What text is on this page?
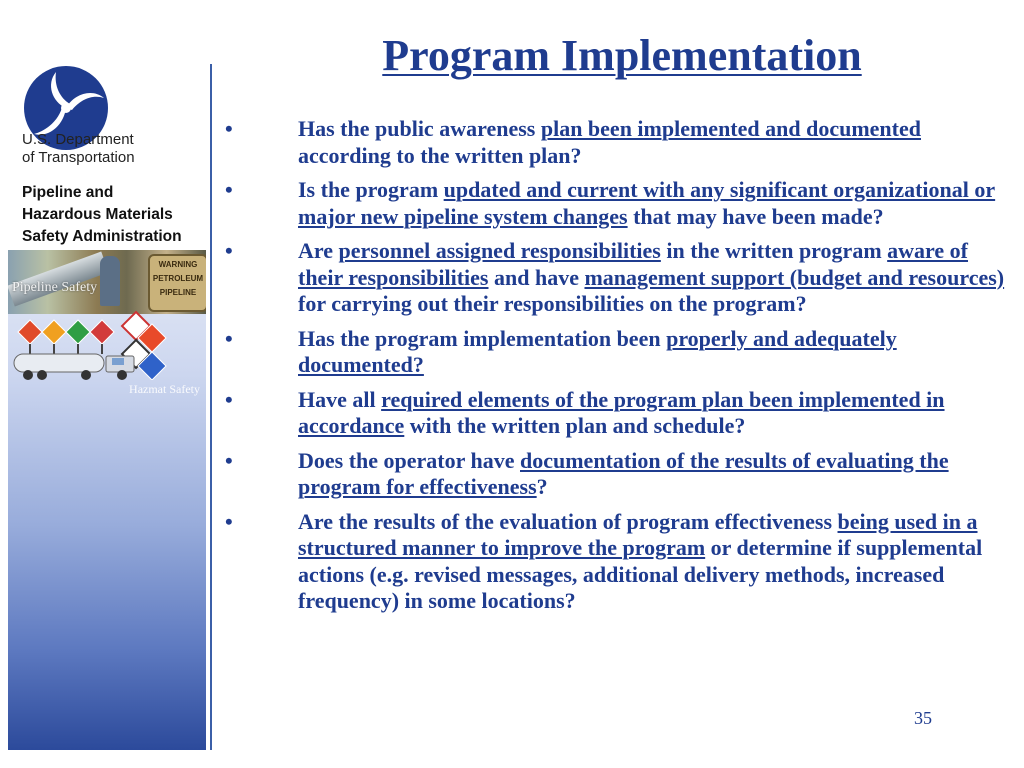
U.S. Department
of Transportation
Pipeline and
Hazardous Materials
Safety Administration
WARNING
PETROLEUM
PIPELINE
Pipeline Safety
Hazmat Safety
Program Implementation
•	Has the public awareness plan been implemented and documented according to the written plan?
•	Is the program updated and current with any significant organizational or major new pipeline system changes that may have been made?
•	Are personnel assigned responsibilities in the written program aware of their responsibilities and have management support (budget and resources) for carrying out their responsibilities on the program?
•	Has the program implementation been properly and adequately documented?
•	Have all required elements of the program plan been implemented in accordance with the written plan and schedule?
•	Does the operator have documentation of the results of evaluating the program for effectiveness?
•	Are the results of the evaluation of program effectiveness being used in a structured manner to improve the program or determine if supplemental actions (e.g. revised messages, additional delivery methods, increased frequency) in some locations?
35
